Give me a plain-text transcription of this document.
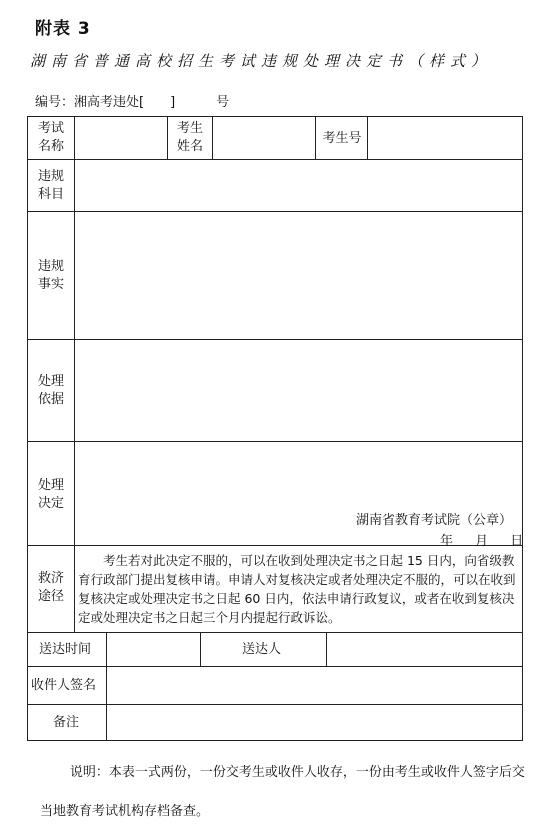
附表 3
湖南省普通高校招生考试违规处理决定书（样式）
编号：湘高考违处[　　]	号
考试名称
考生姓名
考生号
违规科目
违规事实
处理依据
处理决定
湖南省教育考试院（公章）
年 月 日
救济途径
考生若对此决定不服的，可以在收到处理决定书之日起 15 日内，向省级教育行政部门提出复核申请。申请人对复核决定或者处理决定不服的，可以在收到复核决定或处理决定书之日起 60 日内，依法申请行政复议，或者在收到复核决定或处理决定书之日起三个月内提起行政诉讼。
送达时间	送达人
收件人签名
备注
说明：本表一式两份，一份交考生或收件人收存，一份由考生或收件人签字后交当地教育考试机构存档备查。
